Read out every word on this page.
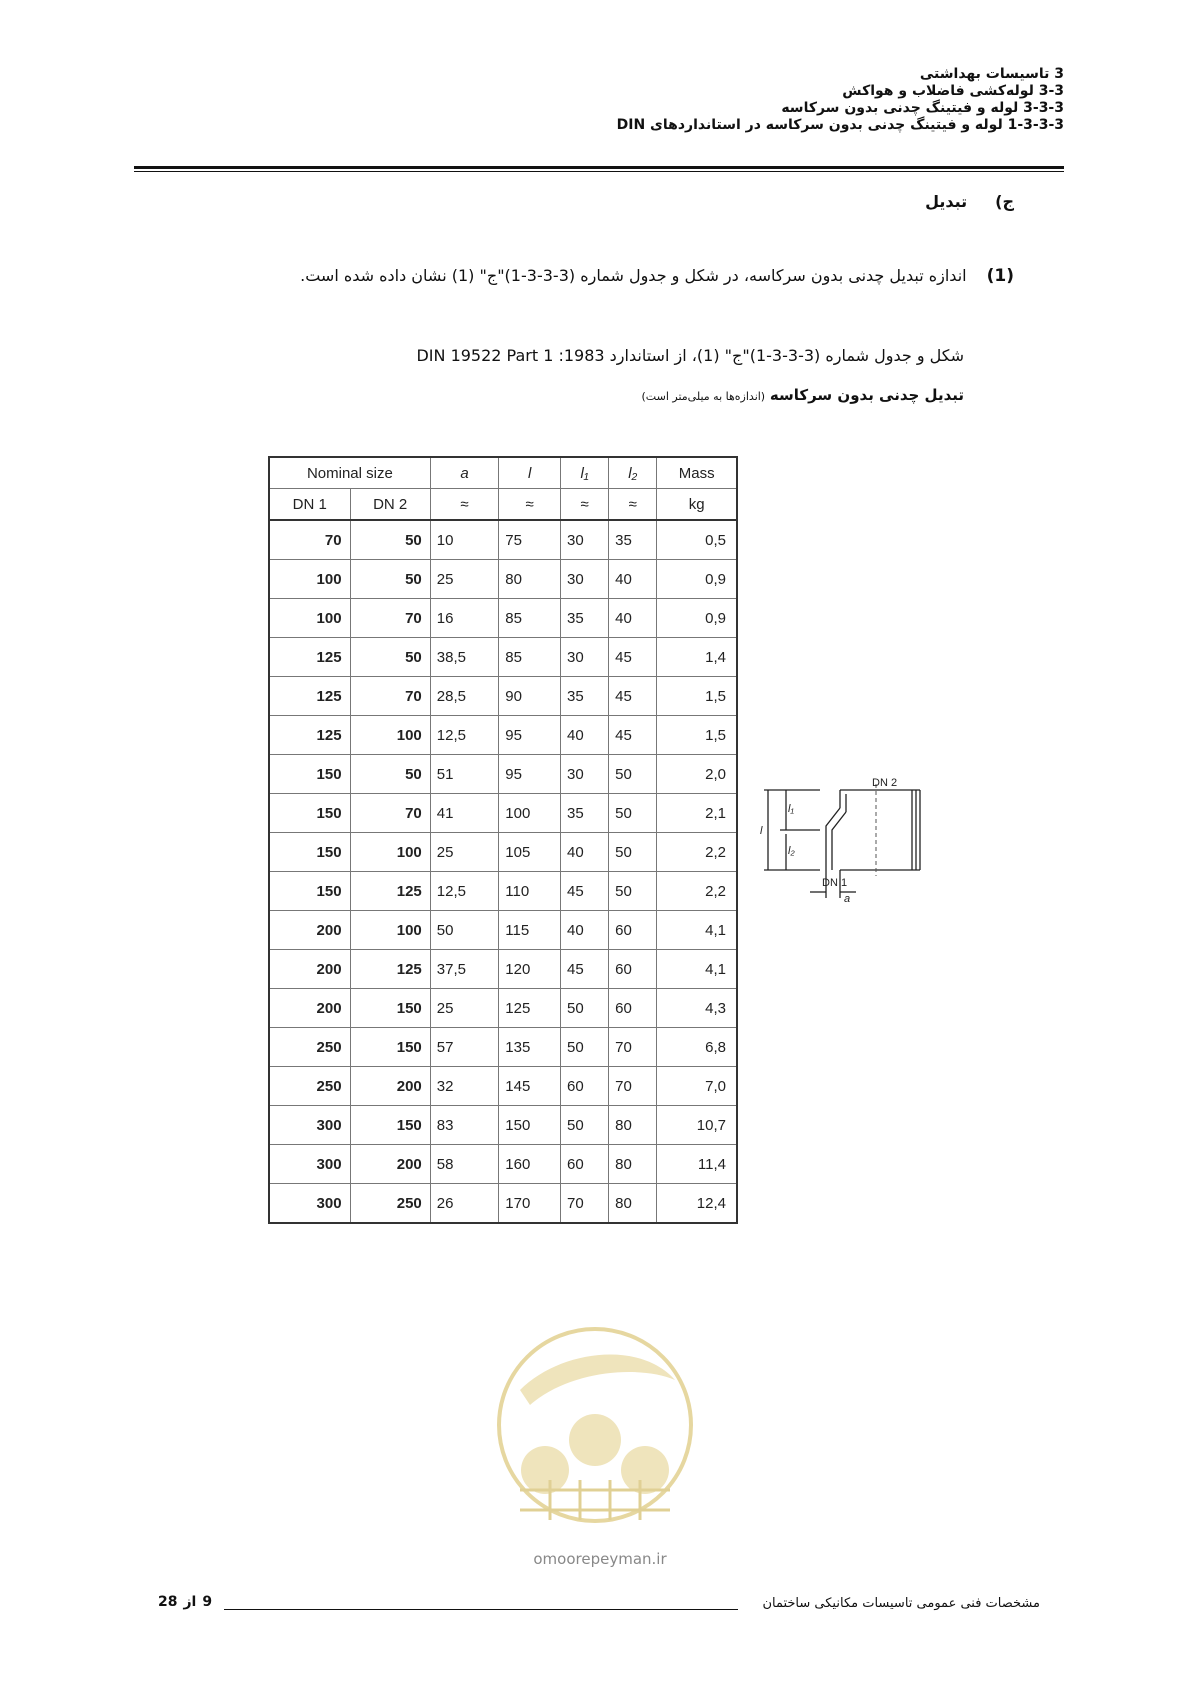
3 تاسیسات بهداشتی
3-3 لوله‌کشی فاضلاب و هواکش
3-3-3 لوله و فیتینگ چدنی بدون سرکاسه
1-3-3-3 لوله و فیتینگ چدنی بدون سرکاسه در استانداردهای DIN
ج)
تبدیل
(1)
اندازه تبدیل چدنی بدون سرکاسه، در شکل و جدول شماره (3-3-3-1)"ج" (1) نشان داده شده است.
شکل و جدول شماره (3-3-3-1)"ج" (1)، از استاندارد DIN 19522 Part 1 :1983
تبدیل چدنی بدون سرکاسه (اندازه‌ها به میلی‌متر است)
Nominal size		a	l	l₁	l₂	Mass
DN 1	DN 2	≈	≈	≈	≈	kg
70	50	10	75	30	35	0,5
100	50	25	80	30	40	0,9
100	70	16	85	35	40	0,9
125	50	38,5	85	30	45	1,4
125	70	28,5	90	35	45	1,5
125	100	12,5	95	40	45	1,5
150	50	51	95	30	50	2,0
150	70	41	100	35	50	2,1
150	100	25	105	40	50	2,2
150	125	12,5	110	45	50	2,2
200	100	50	115	40	60	4,1
200	125	37,5	120	45	60	4,1
200	150	25	125	50	60	4,3
250	150	57	135	50	70	6,8
250	200	32	145	60	70	7,0
300	150	83	150	50	80	10,7
300	200	58	160	60	80	11,4
300	250	26	170	70	80	12,4
DN 2
DN 1
a
l
l₁
l₂
omoorepeyman.ir
مشخصات فنی عمومی تاسیسات مکانیکی ساختمان
9
از
28
